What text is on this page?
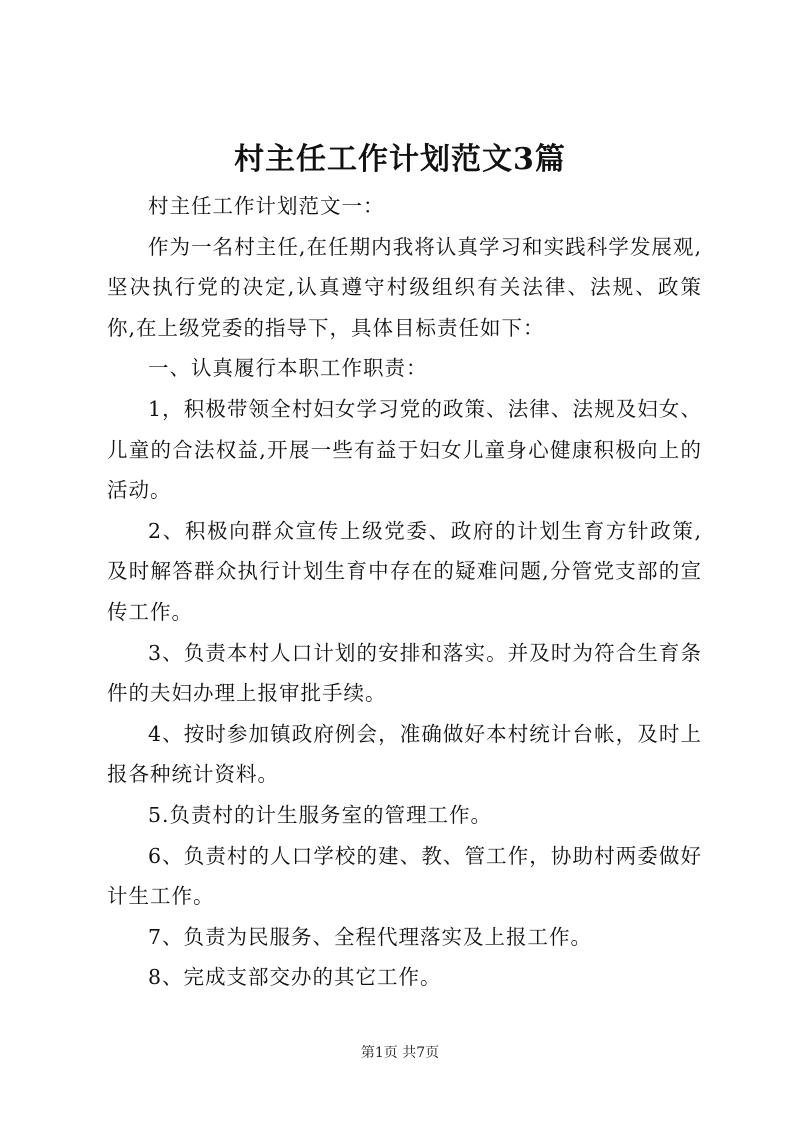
村主任工作计划范文3篇

村主任工作计划范文一：

作为一名村主任,在任期内我将认真学习和实践科学发展观,坚决执行党的决定,认真遵守村级组织有关法律、法规、政策你,在上级党委的指导下，具体目标责任如下：

一、认真履行本职工作职责：

1，积极带领全村妇女学习党的政策、法律、法规及妇女、儿童的合法权益,开展一些有益于妇女儿童身心健康积极向上的活动。

2、积极向群众宣传上级党委、政府的计划生育方针政策,及时解答群众执行计划生育中存在的疑难问题,分管党支部的宣传工作。

3、负责本村人口计划的安排和落实。并及时为符合生育条件的夫妇办理上报审批手续。

4、按时参加镇政府例会，准确做好本村统计台帐，及时上报各种统计资料。

5.负责村的计生服务室的管理工作。

6、负责村的人口学校的建、教、管工作，协助村两委做好计生工作。

7、负责为民服务、全程代理落实及上报工作。

8、完成支部交办的其它工作。

第1页 共7页
